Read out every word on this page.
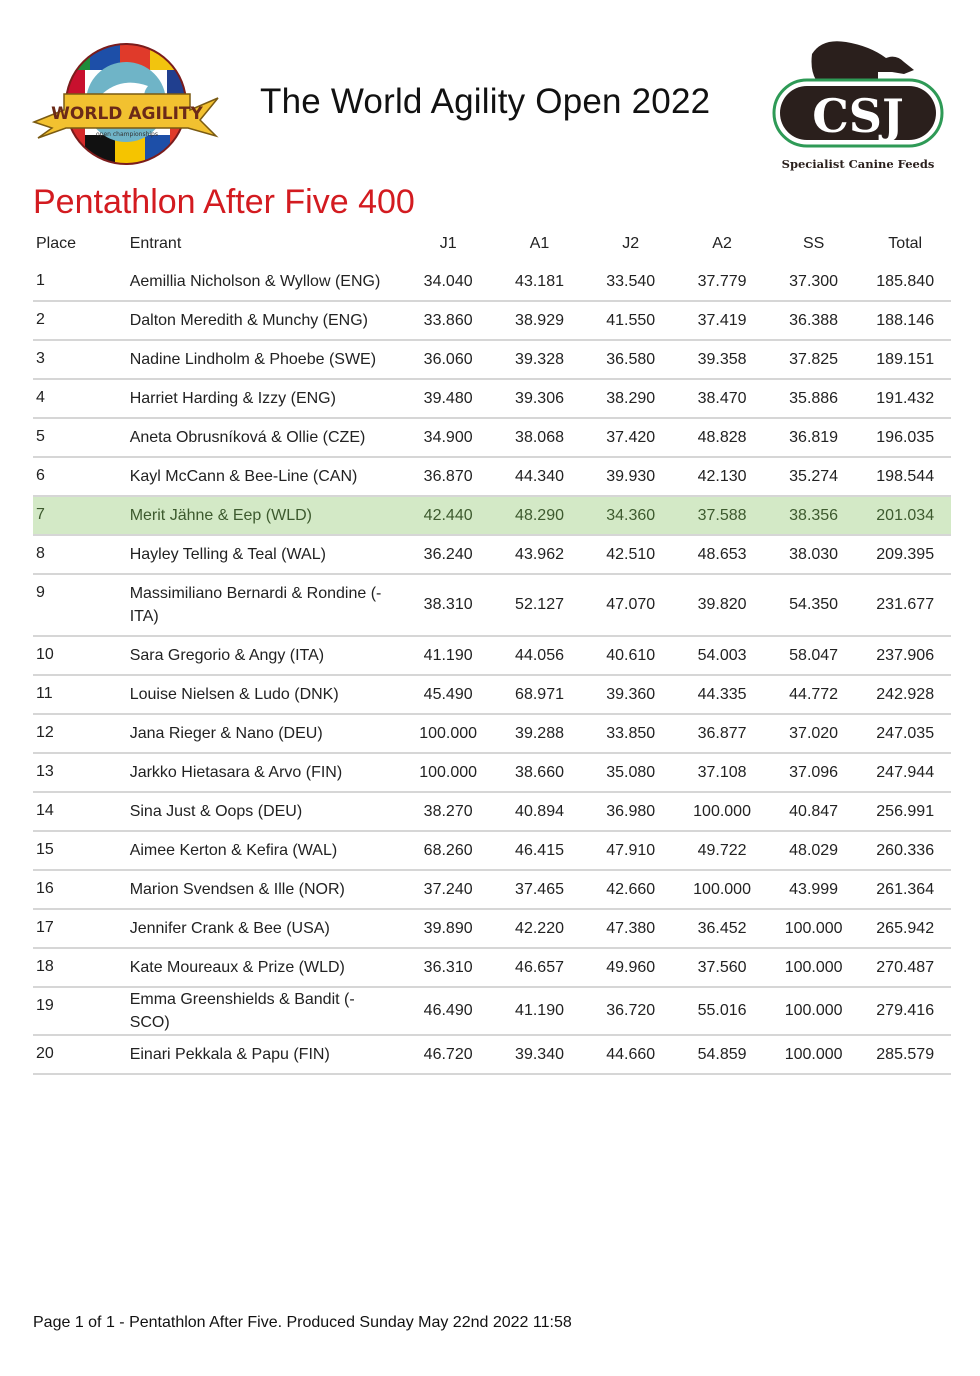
WORLD AGILITY
open championships
The World Agility Open 2022 CSJ
Specialist Canine Feeds
Pentathlon After Five 400
Place	Entrant	J1	A1	J2	A2	SS	Total
1	Aemillia Nicholson & Wyllow (ENG)	34.040	43.181	33.540	37.779	37.300	185.840
2	Dalton Meredith & Munchy (ENG)	33.860	38.929	41.550	37.419	36.388	188.146
3	Nadine Lindholm & Phoebe (SWE)	36.060	39.328	36.580	39.358	37.825	189.151
4	Harriet Harding & Izzy (ENG)	39.480	39.306	38.290	38.470	35.886	191.432
5	Aneta Obrusníková & Ollie (CZE)	34.900	38.068	37.420	48.828	36.819	196.035
6	Kayl McCann & Bee-Line (CAN)	36.870	44.340	39.930	42.130	35.274	198.544
7	Merit Jähne & Eep (WLD)	42.440	48.290	34.360	37.588	38.356	201.034
8	Hayley Telling & Teal (WAL)	36.240	43.962	42.510	48.653	38.030	209.395
9	Massimiliano Bernardi & Rondine (-ITA)	38.310	52.127	47.070	39.820	54.350	231.677
10	Sara Gregorio & Angy (ITA)	41.190	44.056	40.610	54.003	58.047	237.906
11	Louise Nielsen & Ludo (DNK)	45.490	68.971	39.360	44.335	44.772	242.928
12	Jana Rieger & Nano (DEU)	100.000	39.288	33.850	36.877	37.020	247.035
13	Jarkko Hietasara & Arvo (FIN)	100.000	38.660	35.080	37.108	37.096	247.944
14	Sina Just & Oops (DEU)	38.270	40.894	36.980	100.000	40.847	256.991
15	Aimee Kerton & Kefira (WAL)	68.260	46.415	47.910	49.722	48.029	260.336
16	Marion Svendsen & Ille (NOR)	37.240	37.465	42.660	100.000	43.999	261.364
17	Jennifer Crank & Bee (USA)	39.890	42.220	47.380	36.452	100.000	265.942
18	Kate Moureaux & Prize (WLD)	36.310	46.657	49.960	37.560	100.000	270.487
19	Emma Greenshields & Bandit (-SCO)	46.490	41.190	36.720	55.016	100.000	279.416
20	Einari Pekkala & Papu (FIN)	46.720	39.340	44.660	54.859	100.000	285.579
Page 1 of 1 - Pentathlon After Five. Produced Sunday May 22nd 2022 11:58
